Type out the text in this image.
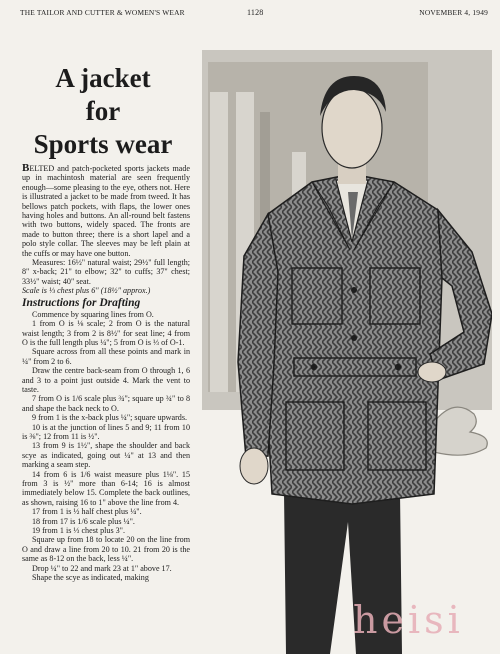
THE TAILOR AND CUTTER & WOMEN'S WEAR	1128	NOVEMBER 4, 1949
A jacket
for
Sports wear

BELTED and patch-pocketed sports jackets made up in machintosh material are seen frequently enough—some pleasing to the eye, others not. Here is illustrated a jacket to be made from tweed. It has bellows patch pockets, with flaps, the lower ones having holes and buttons. An all-round belt fastens with two buttons, widely spaced. The fronts are made to button three; there is a short lapel and a polo style collar. The sleeves may be left plain at the cuffs or may have one button.

Measures: 16½" natural waist; 29½" full length; 8" x-back; 21" to elbow; 32" to cuffs; 37" chest; 33½" waist; 40" seat.

Scale is ⅓ chest plus 6" (18½" approx.)

Instructions for Drafting

Commence by squaring lines from O.

1 from O is ⅛ scale; 2 from O is the natural waist length; 3 from 2 is 8½" for seat line; 4 from O is the full length plus ¼"; 5 from O is ⅓ of O-1.

Square across from all these points and mark in ¼" from 2 to 6.

Draw the centre back-seam from O through 1, 6 and 3 to a point just outside 4. Mark the vent to taste.

7 from O is 1/6 scale plus ¾"; square up ¾" to 8 and shape the back neck to O.

9 from 1 is the x-back plus ¼"; square upwards.

10 is at the junction of lines 5 and 9; 11 from 10 is ⅜"; 12 from 11 is ½".

13 from 9 is 1½", shape the shoulder and back scye as indicated, going out ¼" at 13 and then marking a seam step.

14 from 6 is 1/6 waist measure plus 1⅛". 15 from 3 is ½" more than 6-14; 16 is almost immediately below 15. Complete the back outlines, as shown, raising 16 to 1" above the line from 4.

17 from 1 is ½ half chest plus ¼".

18 from 17 is 1/6 scale plus ¼".

19 from 1 is ⅓ chest plus 3".

Square up from 18 to locate 20 on the line from O and draw a line from 20 to 10. 21 from 20 is the same as 8-12 on the back, less ¼".

Drop ¼" to 22 and mark 23 at 1" above 17.

Shape the scye as indicated, making

heisi
